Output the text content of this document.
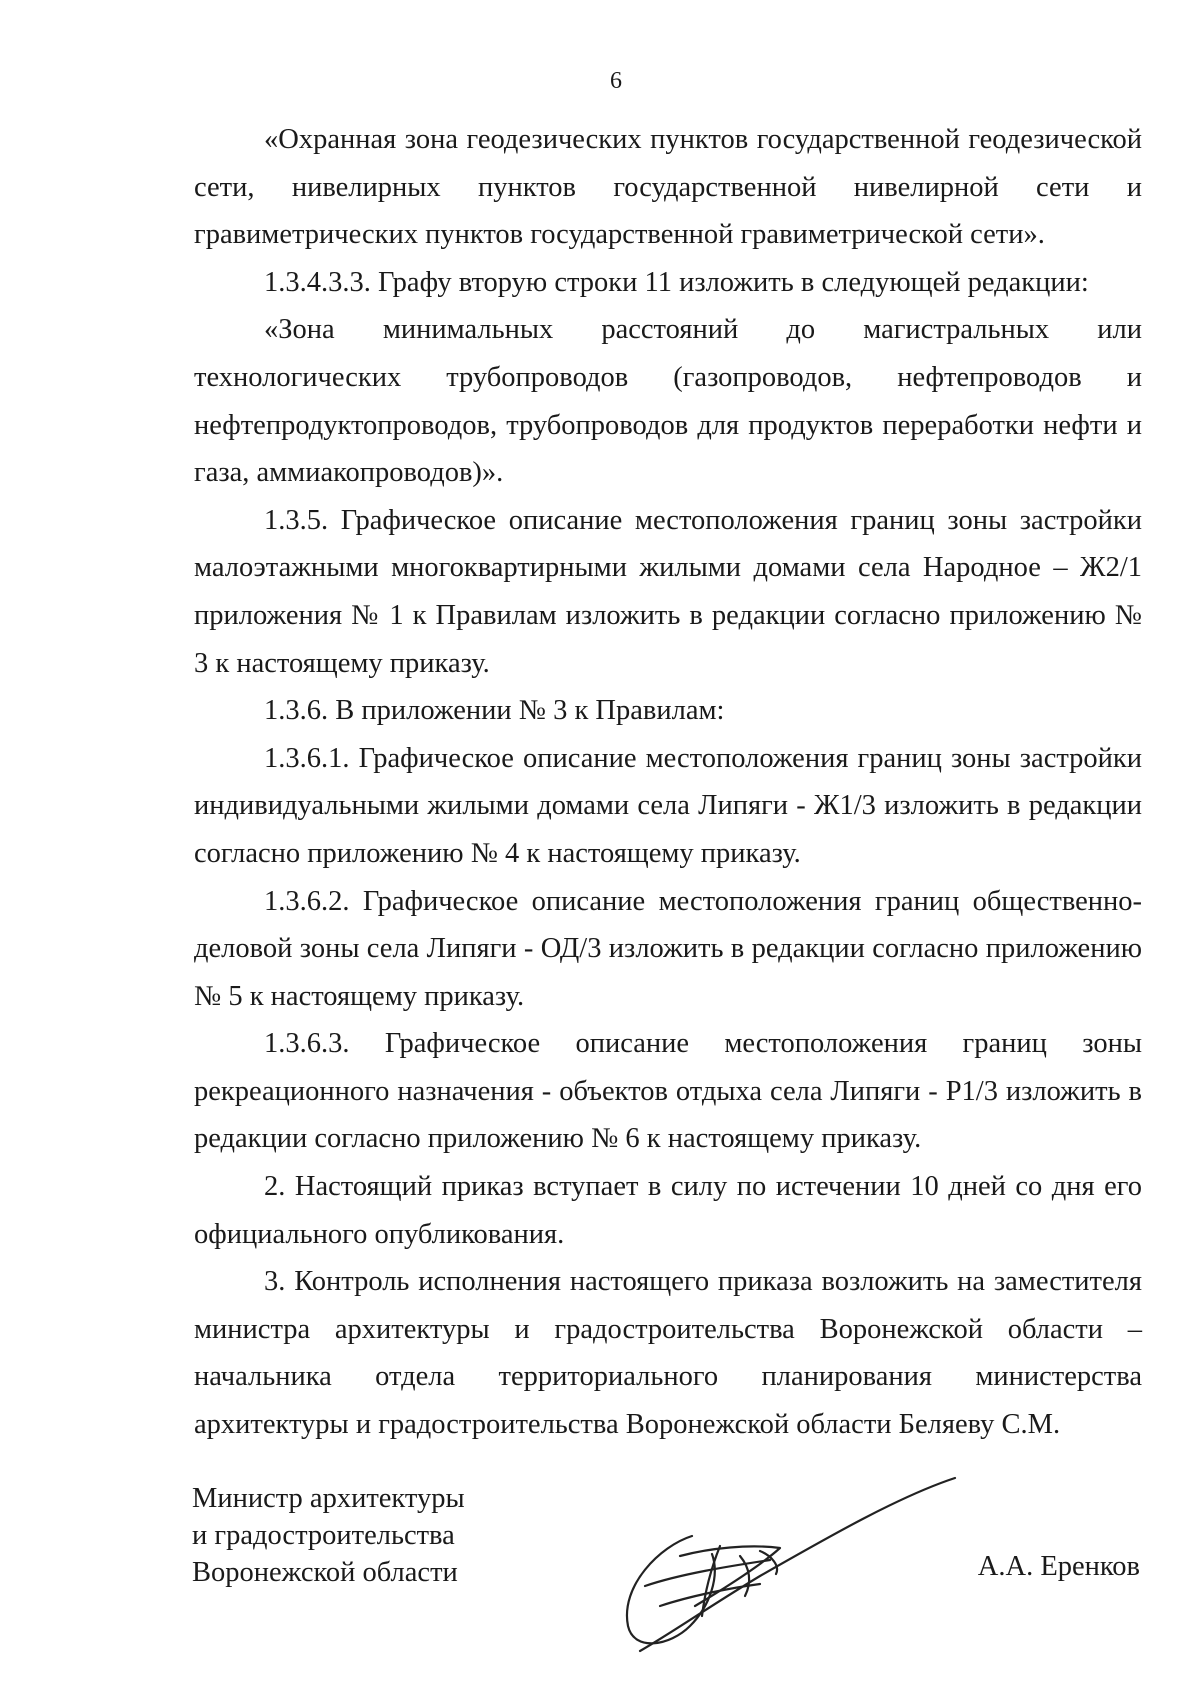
6

«Охранная зона геодезических пунктов государственной геодезической сети, нивелирных пунктов государственной нивелирной сети и гравиметрических пунктов государственной гравиметрической сети».

1.3.4.3.3. Графу вторую строки 11 изложить в следующей редакции:

«Зона минимальных расстояний до магистральных или технологических трубопроводов (газопроводов, нефтепроводов и нефтепродуктопроводов, трубопроводов для продуктов переработки нефти и газа, аммиакопроводов)».

1.3.5. Графическое описание местоположения границ зоны застройки малоэтажными многоквартирными жилыми домами села Народное – Ж2/1 приложения № 1 к Правилам изложить в редакции согласно приложению № 3 к настоящему приказу.

1.3.6. В приложении № 3 к Правилам:

1.3.6.1. Графическое описание местоположения границ зоны застройки индивидуальными жилыми домами села Липяги - Ж1/3 изложить в редакции согласно приложению № 4 к настоящему приказу.

1.3.6.2. Графическое описание местоположения границ общественно-деловой зоны села Липяги - ОД/3 изложить в редакции согласно приложению № 5 к настоящему приказу.

1.3.6.3. Графическое описание местоположения границ зоны рекреационного назначения - объектов отдыха села Липяги - Р1/3 изложить в редакции согласно приложению № 6 к настоящему приказу.

2. Настоящий приказ вступает в силу по истечении 10 дней со дня его официального опубликования.

3. Контроль исполнения настоящего приказа возложить на заместителя министра архитектуры и градостроительства Воронежской области – начальника отдела территориального планирования министерства архитектуры и градостроительства Воронежской области Беляеву С.М.

Министр архитектуры
и градостроительства
Воронежской области	А.А. Еренков
